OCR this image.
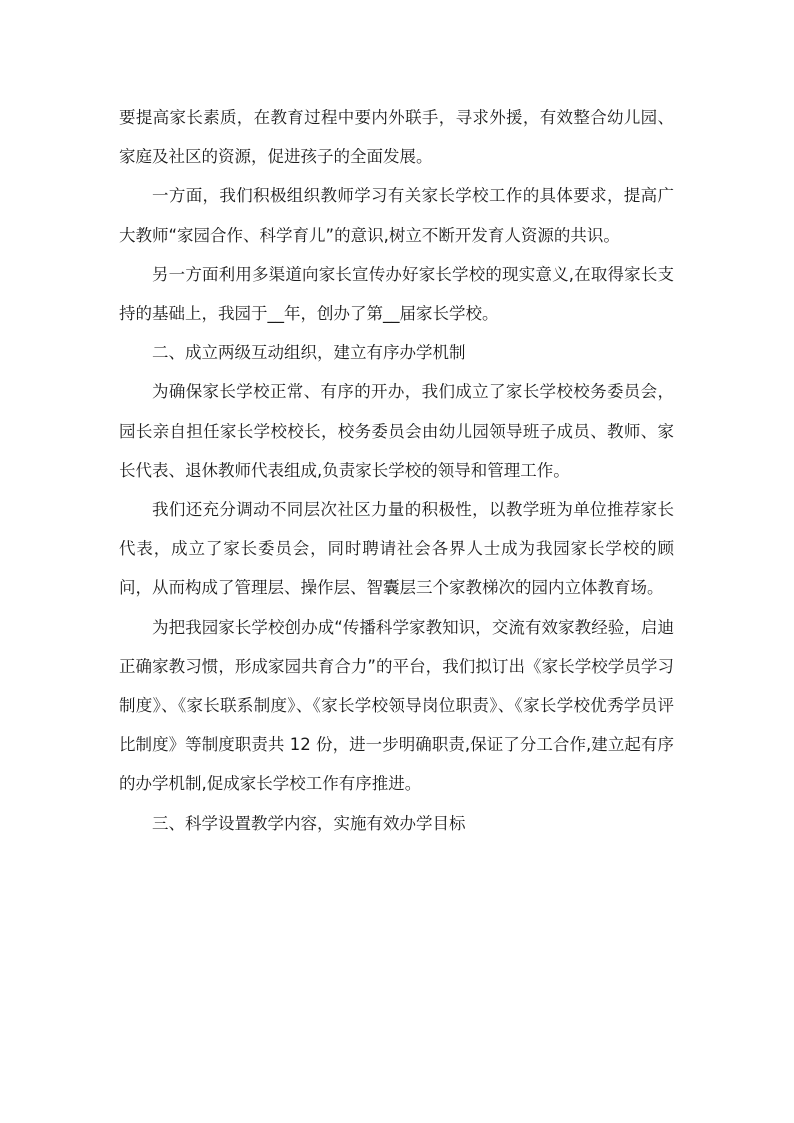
要提高家长素质，在教育过程中要内外联手，寻求外援，有效整合幼儿园、家庭及社区的资源，促进孩子的全面发展。

一方面，我们积极组织教师学习有关家长学校工作的具体要求，提高广大教师“家园合作、科学育儿”的意识,树立不断开发育人资源的共识。

另一方面利用多渠道向家长宣传办好家长学校的现实意义,在取得家长支持的基础上，我园于__年，创办了第__届家长学校。

二、成立两级互动组织，建立有序办学机制

为确保家长学校正常、有序的开办，我们成立了家长学校校务委员会，园长亲自担任家长学校校长，校务委员会由幼儿园领导班子成员、教师、家长代表、退休教师代表组成,负责家长学校的领导和管理工作。

我们还充分调动不同层次社区力量的积极性，以教学班为单位推荐家长代表，成立了家长委员会，同时聘请社会各界人士成为我园家长学校的顾问，从而构成了管理层、操作层、智囊层三个家教梯次的园内立体教育场。

为把我园家长学校创办成“传播科学家教知识，交流有效家教经验，启迪正确家教习惯，形成家园共育合力”的平台，我们拟订出《家长学校学员学习制度》、《家长联系制度》、《家长学校领导岗位职责》、《家长学校优秀学员评比制度》等制度职责共 12 份，进一步明确职责,保证了分工合作,建立起有序的办学机制,促成家长学校工作有序推进。

三、科学设置教学内容，实施有效办学目标
